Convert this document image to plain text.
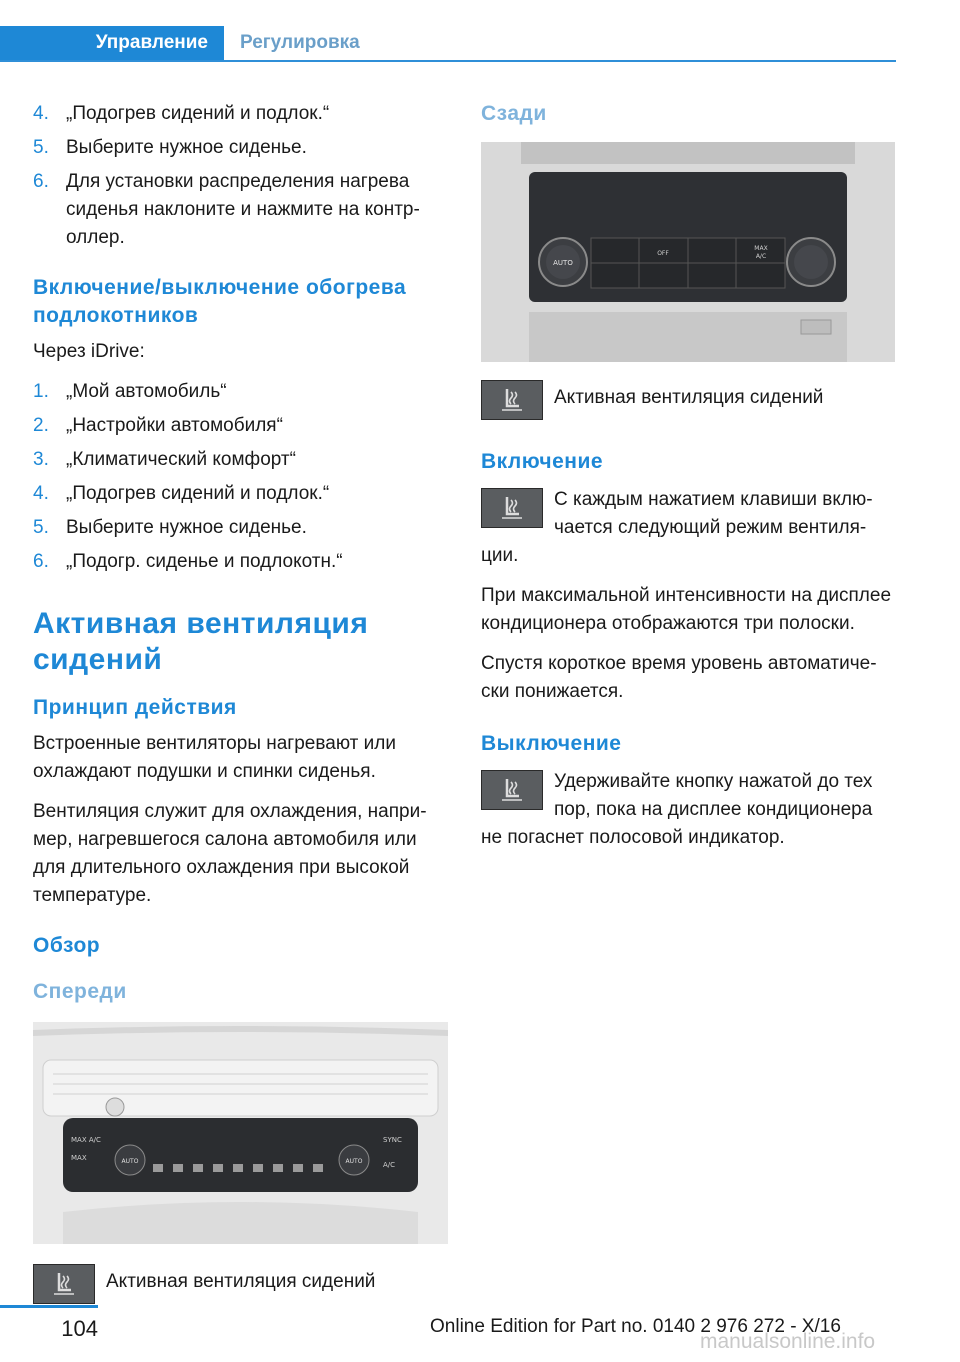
Управление	Регулировка
4. „Подогрев сидений и подлок.“
5. Выберите нужное сиденье.
6. Для установки распределения нагрева сиденья наклоните и нажмите на контроллер.
Включение/выключение обогрева подлокотников

Через iDrive:

1. „Мой автомобиль“
2. „Настройки автомобиля“
3. „Климатический комфорт“
4. „Подогрев сидений и подлок.“
5. Выберите нужное сиденье.
6. „Подогр. сиденье и подлокотн.“
Активная вентиляция сидений
Принцип действия

Встроенные вентиляторы нагревают или охлаждают подушки и спинки сиденья.

Вентиляция служит для охлаждения, например, нагревшегося салона автомобиля или для длительного охлаждения при высокой температуре.

Обзор
Спереди
MAX A/C
MAX	AUTO	AUTO
SYNC
A/C
Активная вентиляция сидений
Сзади
AUTO
OFF
MAX
A/C
Активная вентиляция сидений
Включение

С каждым нажатием клавиши включается следующий режим вентиляции.

При максимальной интенсивности на дисплее кондиционера отображаются три полоски.

Спустя короткое время уровень автоматически понижается.

Выключение

Удерживайте кнопку нажатой до тех пор, пока на дисплее кондиционера не погаснет полосовой индикатор.

104	Online Edition for Part no. 0140 2 976 272 - X/16
manualsonline.info
